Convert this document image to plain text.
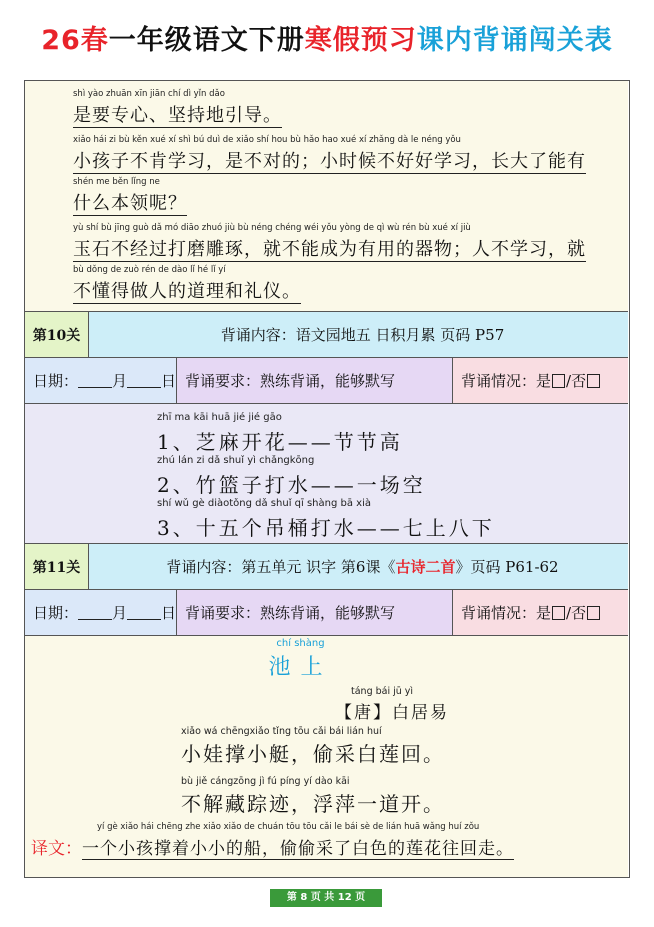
26春一年级语文下册寒假预习课内背诵闯关表
shì yào zhuān xīn jiān chí dì yǐn dǎo
是要专心、坚持地引导。
xiǎo hái zi bù kěn xué xí shì bú duì de xiǎo shí hou bù hǎo hao xué xí zhǎng dà le néng yǒu
小孩子不肯学习，是不对的；小时候不好好学习，长大了能有
shén me běn lǐng ne
什么本领呢？
yù shí bù jīng guò dǎ mó diāo zhuó jiù bù néng chéng wéi yǒu yòng de qì wù rén bù xué xí jiù
玉石不经过打磨雕琢，就不能成为有用的器物；人不学习，就
bù dǒng de zuò rén de dào lǐ hé lǐ yí
不懂得做人的道理和礼仪。
第10关	背诵内容：语文园地五 日积月累 页码 P57
日期： 月 日 背诵要求：熟练背诵，能够默写	背诵情况：是 /否
zhī ma kāi huā jié jié gāo
1、芝麻开花——节节高
zhú lán zi dǎ shuǐ yì chǎngkōng
2、竹篮子打水——一场空
shí wǔ gè diàotǒng dǎ shuǐ qī shàng bā xià
3、十五个吊桶打水——七上八下
第11关	背诵内容：第五单元 识字 第6课《 古诗二首 》页码 P61-62
日期： 月 日 背诵要求：熟练背诵，能够默写	背诵情况：是 /否
chí shàng
池上
táng bái jū yì
【唐】白居易
xiǎo wá chēngxiǎo tǐng tōu cǎi bái lián huí
小娃撑小艇，偷采白莲回。
bù jiě cángzōng jì fú píng yí dào kāi
不解藏踪迹，浮萍一道开。
yí gè xiǎo hái chēng zhe xiǎo xiǎo de chuán tōu tōu cǎi le bái sè de lián huā wǎng huí zǒu
译文：一个小孩撑着小小的船，偷偷采了白色的莲花往回走。
第 8 页 共 12 页
